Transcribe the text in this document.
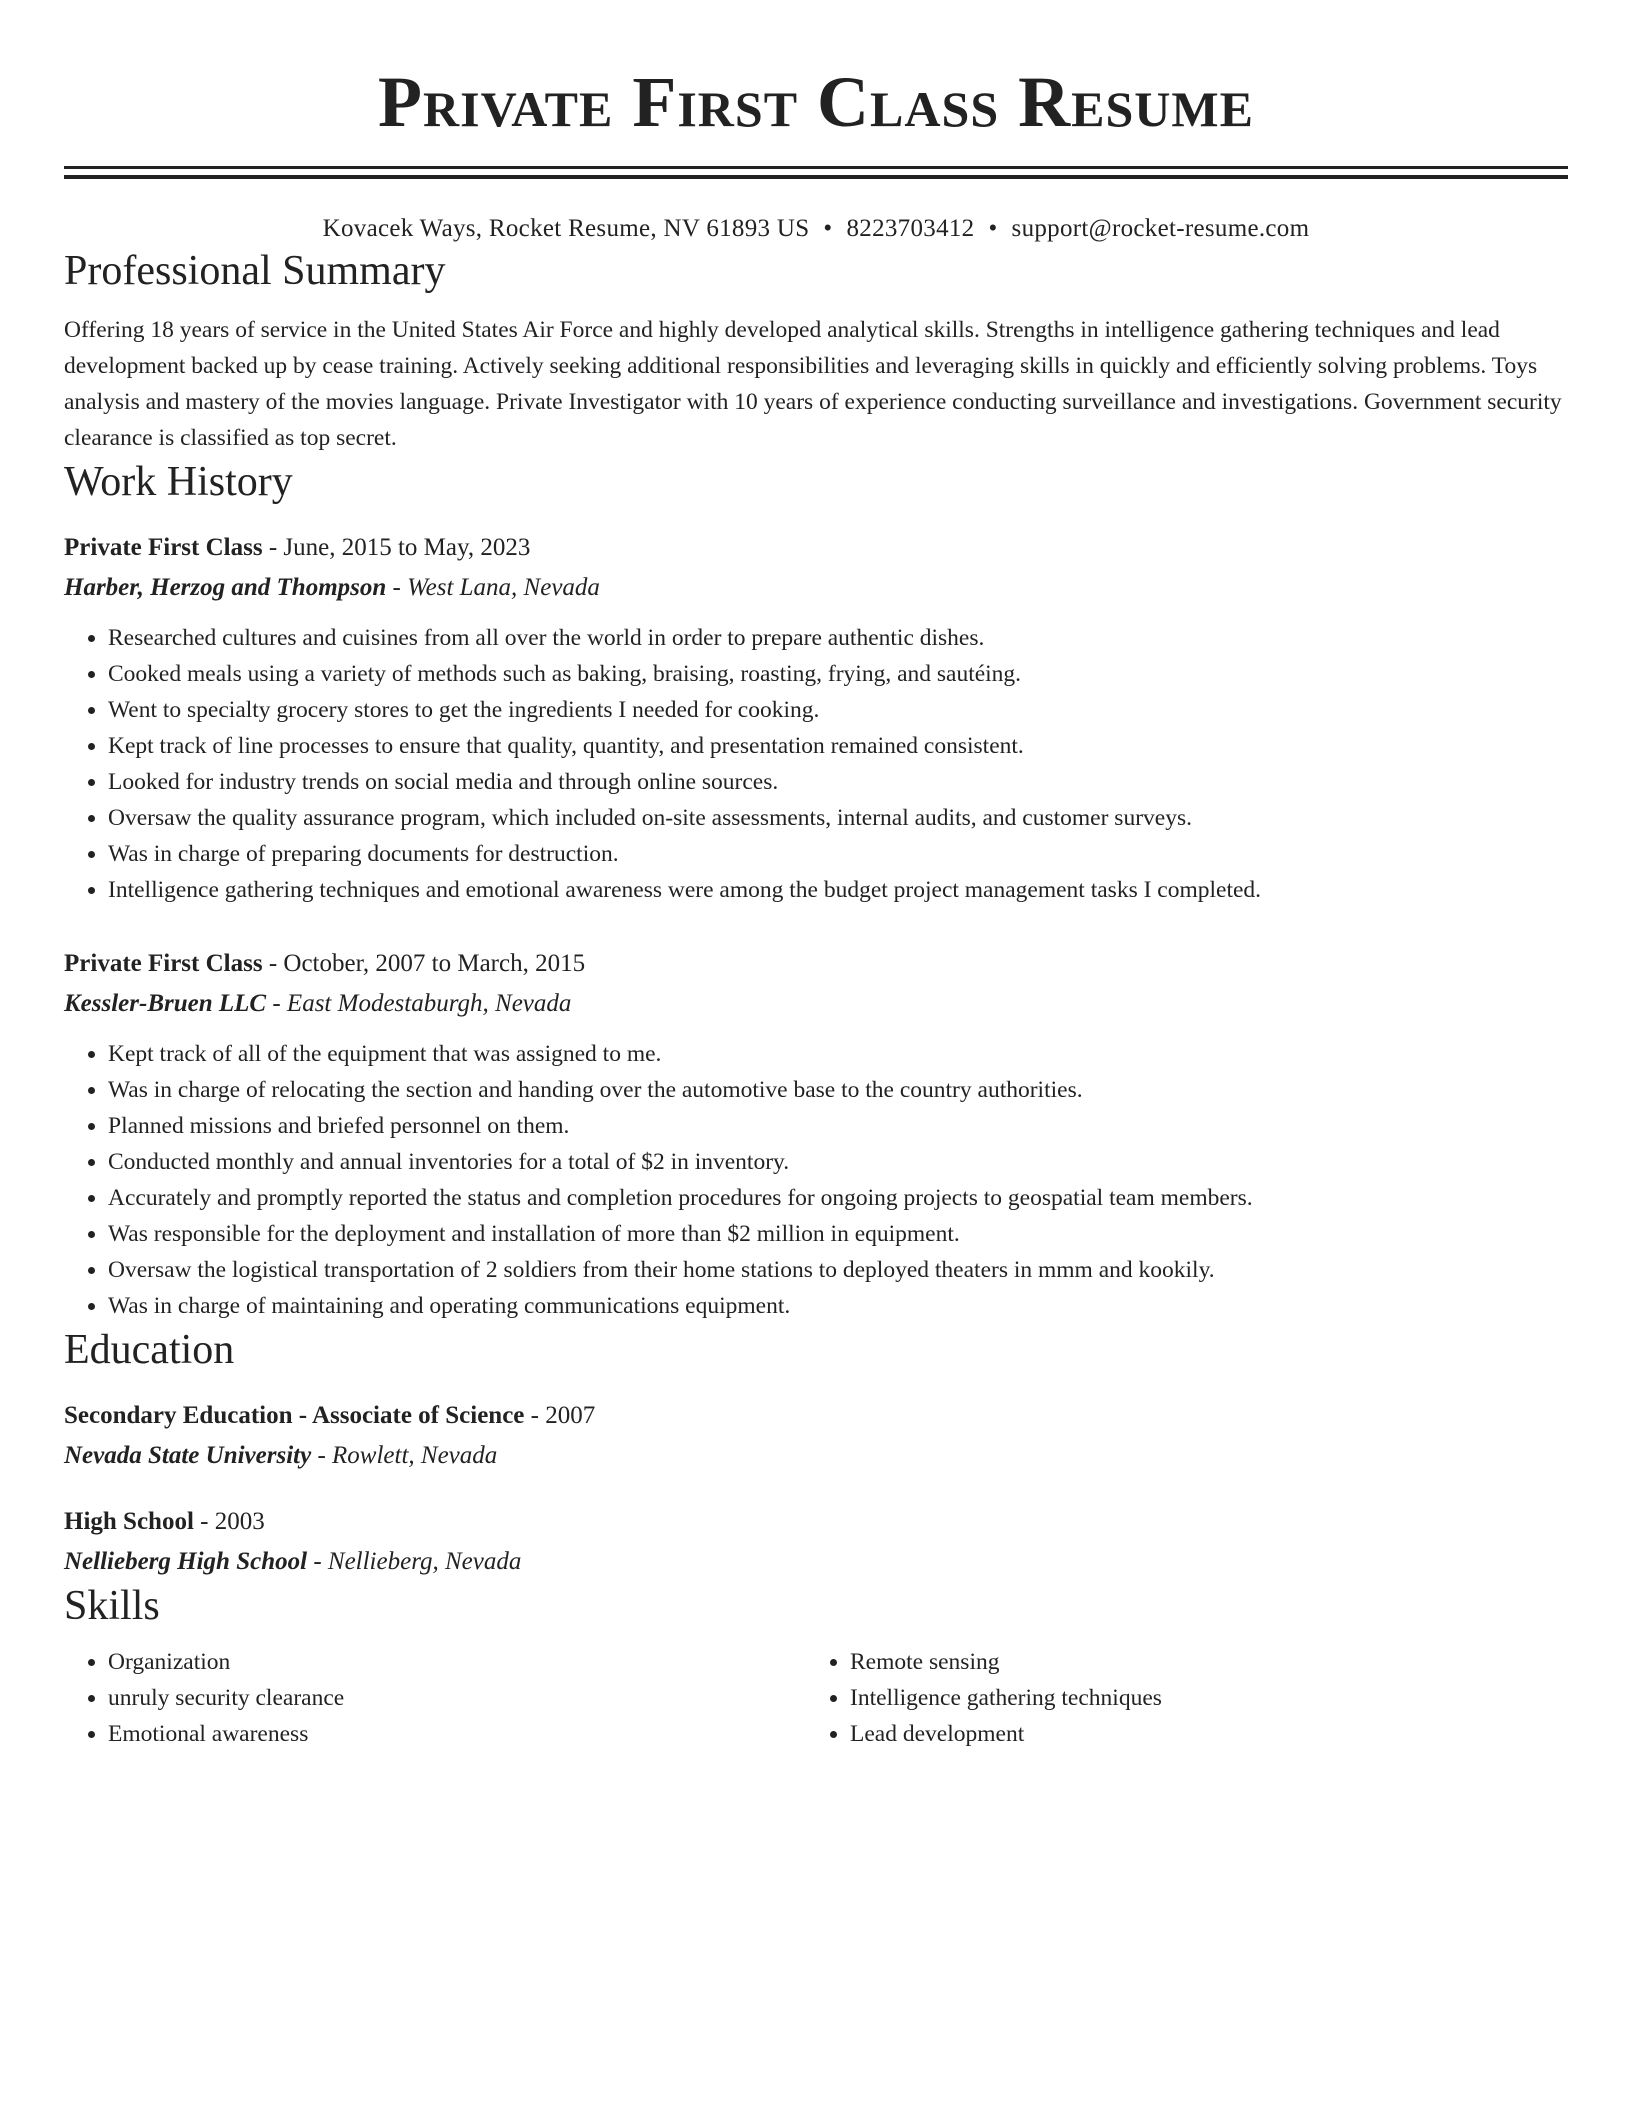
Private First Class Resume
Kovacek Ways, Rocket Resume, NV 61893 US • 8223703412 • support@rocket-resume.com
Professional Summary

Offering 18 years of service in the United States Air Force and highly developed analytical skills. Strengths in intelligence gathering techniques and lead development backed up by cease training. Actively seeking additional responsibilities and leveraging skills in quickly and efficiently solving problems. Toys analysis and mastery of the movies language. Private Investigator with 10 years of experience conducting surveillance and investigations. Government security clearance is classified as top secret.

Work History
Private First Class - June, 2015 to May, 2023
Harber, Herzog and Thompson - West Lana, Nevada
• Researched cultures and cuisines from all over the world in order to prepare authentic dishes.
• Cooked meals using a variety of methods such as baking, braising, roasting, frying, and sautéing.
• Went to specialty grocery stores to get the ingredients I needed for cooking.
• Kept track of line processes to ensure that quality, quantity, and presentation remained consistent.
• Looked for industry trends on social media and through online sources.
• Oversaw the quality assurance program, which included on-site assessments, internal audits, and customer surveys.
• Was in charge of preparing documents for destruction.
• Intelligence gathering techniques and emotional awareness were among the budget project management tasks I completed.
Private First Class - October, 2007 to March, 2015
Kessler-Bruen LLC - East Modestaburgh, Nevada
• Kept track of all of the equipment that was assigned to me.
• Was in charge of relocating the section and handing over the automotive base to the country authorities.
• Planned missions and briefed personnel on them.
• Conducted monthly and annual inventories for a total of $2 in inventory.
• Accurately and promptly reported the status and completion procedures for ongoing projects to geospatial team members.
• Was responsible for the deployment and installation of more than $2 million in equipment.
• Oversaw the logistical transportation of 2 soldiers from their home stations to deployed theaters in mmm and kookily.
• Was in charge of maintaining and operating communications equipment.
Education
Secondary Education - Associate of Science - 2007
Nevada State University - Rowlett, Nevada
High School - 2003
Nellieberg High School - Nellieberg, Nevada
Skills
• Organization
• unruly security clearance
• Emotional awareness
• Remote sensing
• Intelligence gathering techniques
• Lead development
